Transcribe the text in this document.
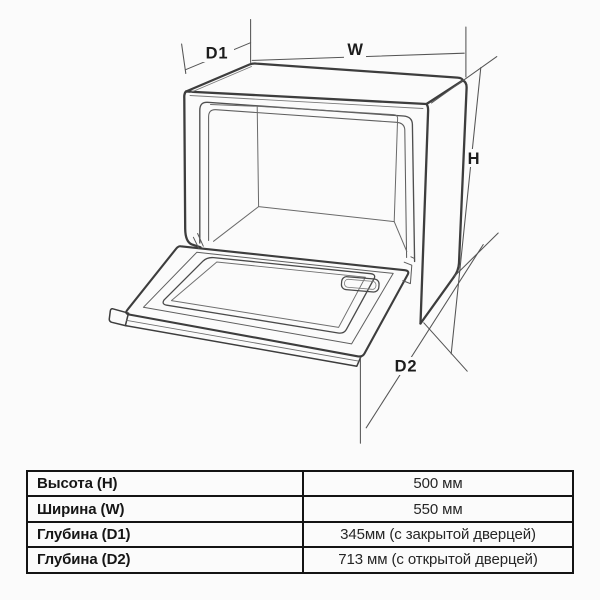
D1	W
H
D2
Высота (H)	500 мм
Ширина (W)	550 мм
Глубина (D1)	345мм (с закрытой дверцей)
Глубина (D2)	713 мм (с открытой дверцей)
